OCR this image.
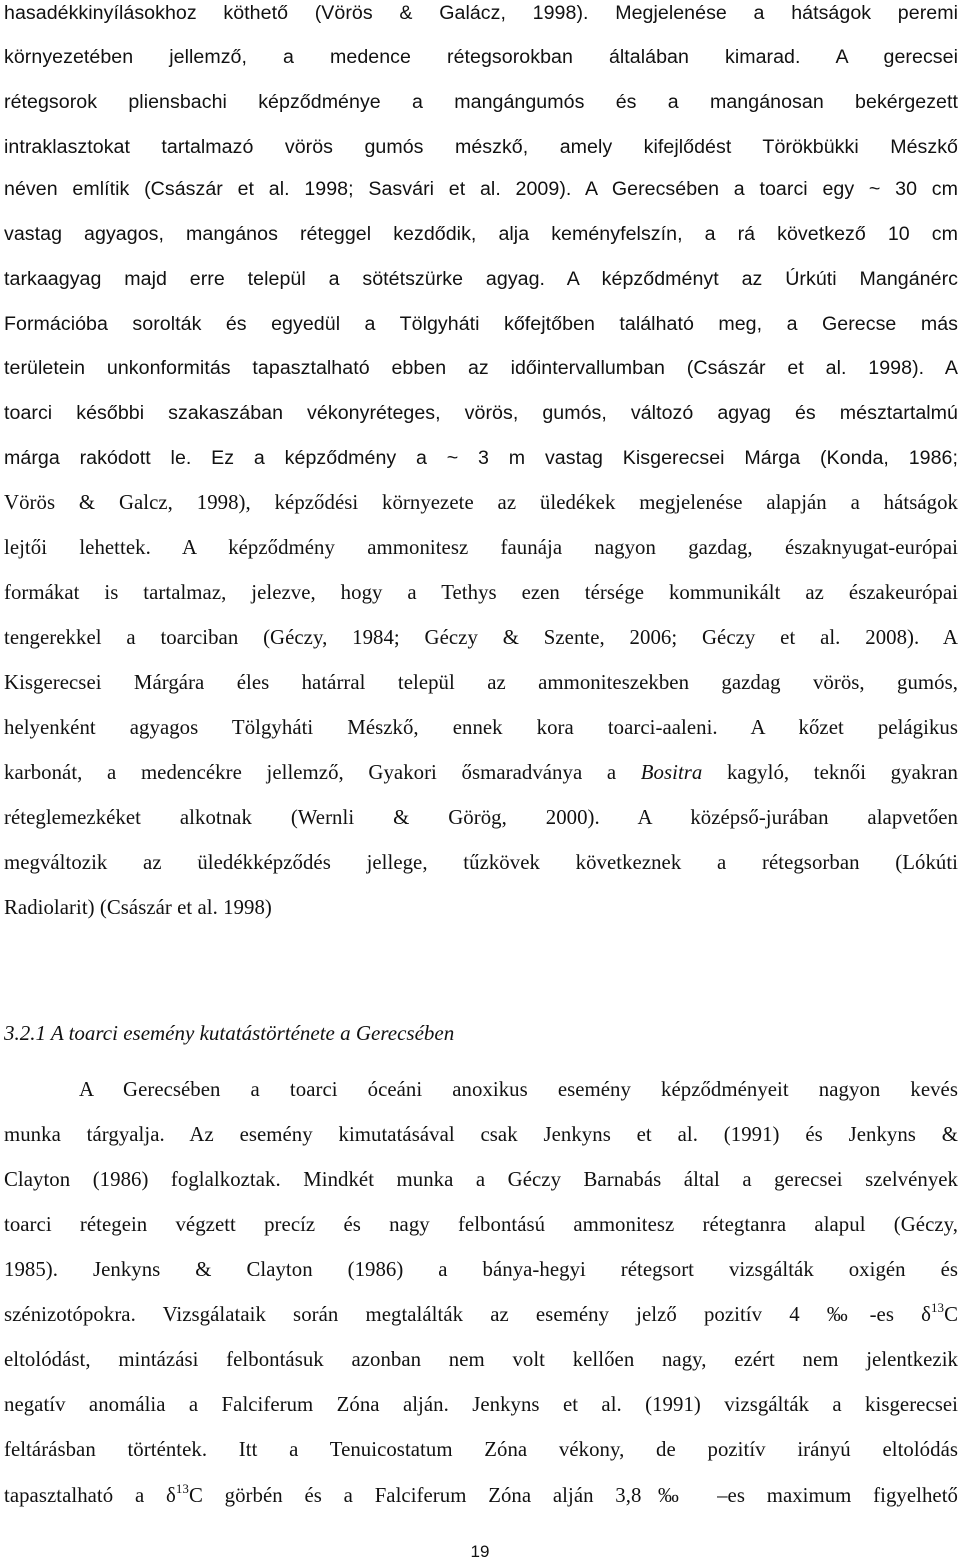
hasadékkinyílásokhoz köthető (Vörös & Galácz, 1998). Megjelenése a hátságok peremi
környezetében jellemző, a medence rétegsorokban általában kimarad. A gerecsei
rétegsorok pliensbachi képződménye a mangángumós és a mangánosan bekérgezett
intraklasztokat tartalmazó vörös gumós mészkő, amely kifejlődést Törökbükki Mészkő
néven említik (Császár et al. 1998; Sasvári et al. 2009). A Gerecsében a toarci egy ~ 30 cm
vastag agyagos, mangános réteggel kezdődik, alja keményfelszín, a rá következő 10 cm
tarkaagyag majd erre települ a sötétszürke agyag. A képződményt az Úrkúti Mangánérc
Formációba sorolták és egyedül a Tölgyháti kőfejtőben található meg, a Gerecse más
területein unkonformitás tapasztalható ebben az időintervallumban (Császár et al. 1998). A
toarci későbbi szakaszában vékonyréteges, vörös, gumós, változó agyag és mésztartalmú
márga rakódott le. Ez a képződmény a ~ 3 m vastag Kisgerecsei Márga (Konda, 1986;
Vörös & Galcz, 1998), képződési környezete az üledékek megjelenése alapján a hátságok
lejtői lehettek. A képződmény ammonitesz faunája nagyon gazdag, északnyugat-európai
formákat is tartalmaz, jelezve, hogy a Tethys ezen térsége kommunikált az északeurópai
tengerekkel a toarciban (Géczy, 1984; Géczy & Szente, 2006; Géczy et al. 2008). A
Kisgerecsei Márgára éles határral települ az ammoniteszekben gazdag vörös, gumós,
helyenként agyagos Tölgyháti Mészkő, ennek kora toarci-aaleni. A kőzet pelágikus
karbonát, a medencékre jellemző, Gyakori ősmaradványa a Bositra kagyló, teknői gyakran
réteglemezkéket alkotnak (Wernli & Görög, 2000). A középső-jurában alapvetően
megváltozik az üledékképződés jellege, tűzkövek következnek a rétegsorban (Lókúti
Radiolarit) (Császár et al. 1998)
3.2.1 A toarci esemény kutatástörténete a Gerecsében
A Gerecsében a toarci óceáni anoxikus esemény képződményeit nagyon kevés
munka tárgyalja. Az esemény kimutatásával csak Jenkyns et al. (1991) és Jenkyns &
Clayton (1986) foglalkoztak. Mindkét munka a Géczy Barnabás által a gerecsei szelvények
toarci rétegein végzett precíz és nagy felbontású ammonitesz rétegtanra alapul (Géczy,
1985). Jenkyns & Clayton (1986) a bánya-hegyi rétegsort vizsgálták oxigén és
szénizotópokra. Vizsgálataik során megtalálták az esemény jelző pozitív 4 ‰-es $\delta^{13}C$
eltolódást, mintázási felbontásuk azonban nem volt kellően nagy, ezért nem jelentkezik
negatív anomália a Falciferum Zóna alján. Jenkyns et al. (1991) vizsgálták a kisgerecsei
feltárásban történtek. Itt a Tenuicostatum Zóna vékony, de pozitív irányú eltolódás
tapasztalható a $\delta^{13}C$ görbén és a Falciferum Zóna alján 3,8‰ –es maximum figyelhető
19
